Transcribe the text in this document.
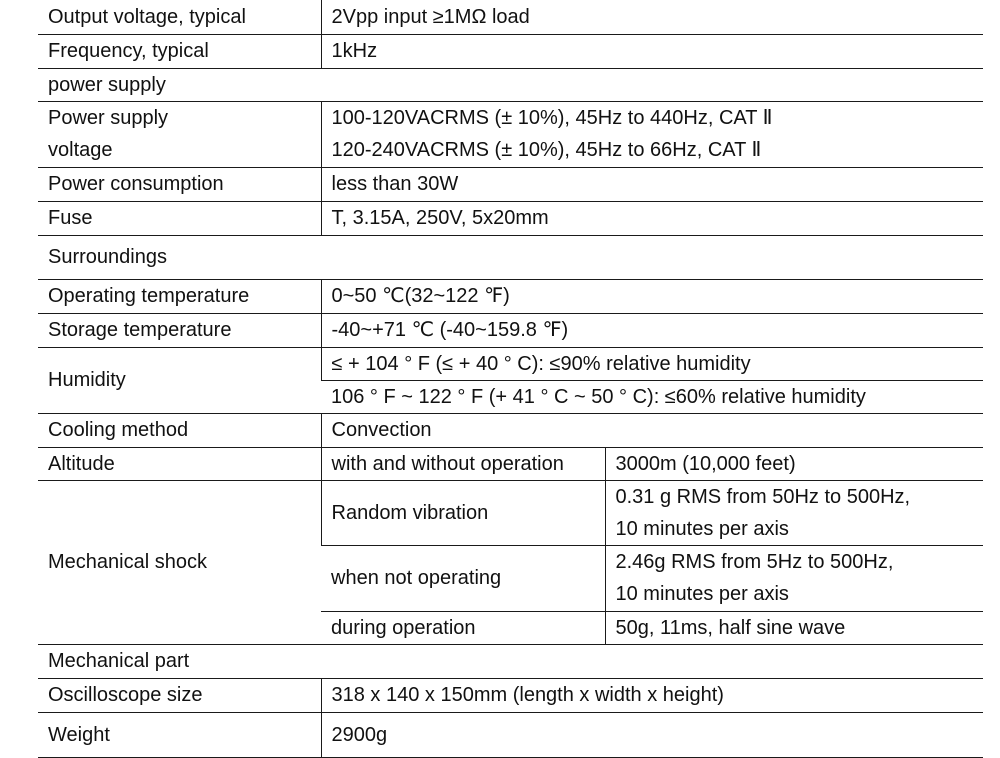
Output voltage, typical	2Vpp input ≥1MΩ load	
Frequency, typical	1kHz	
power supply		

Power supply
voltage	100-120VACRMS (± 10%), 45Hz to 440Hz, CAT Ⅱ
120-240VACRMS (± 10%), 45Hz to 66Hz, CAT Ⅱ	

Power consumption	less than 30W	
Fuse	T, 3.15A, 250V, 5x20mm	
Surroundings		
Operating temperature	0~50 ℃(32~122 ℉)	
Storage temperature	-40~+71 ℃ (-40~159.8 ℉)	
Humidity	≤ + 104 ° F (≤ + 40 ° C): ≤90% relative humidity	
	106 ° F ~ 122 ° F (+ 41 ° C ~ 50 ° C): ≤60% relative humidity	
Cooling method	Convection	
Altitude	with and without operation	3000m (10,000 feet)
Mechanical shock	Random vibration	0.31 g RMS from 50Hz to 500Hz,
10 minutes per axis

	when not operating	2.46g RMS from 5Hz to 500Hz,
10 minutes per axis

	during operation	50g, 11ms, half sine wave
Mechanical part		
Oscilloscope size	318 x 140 x 150mm (length x width x height)	
Weight	2900g	
